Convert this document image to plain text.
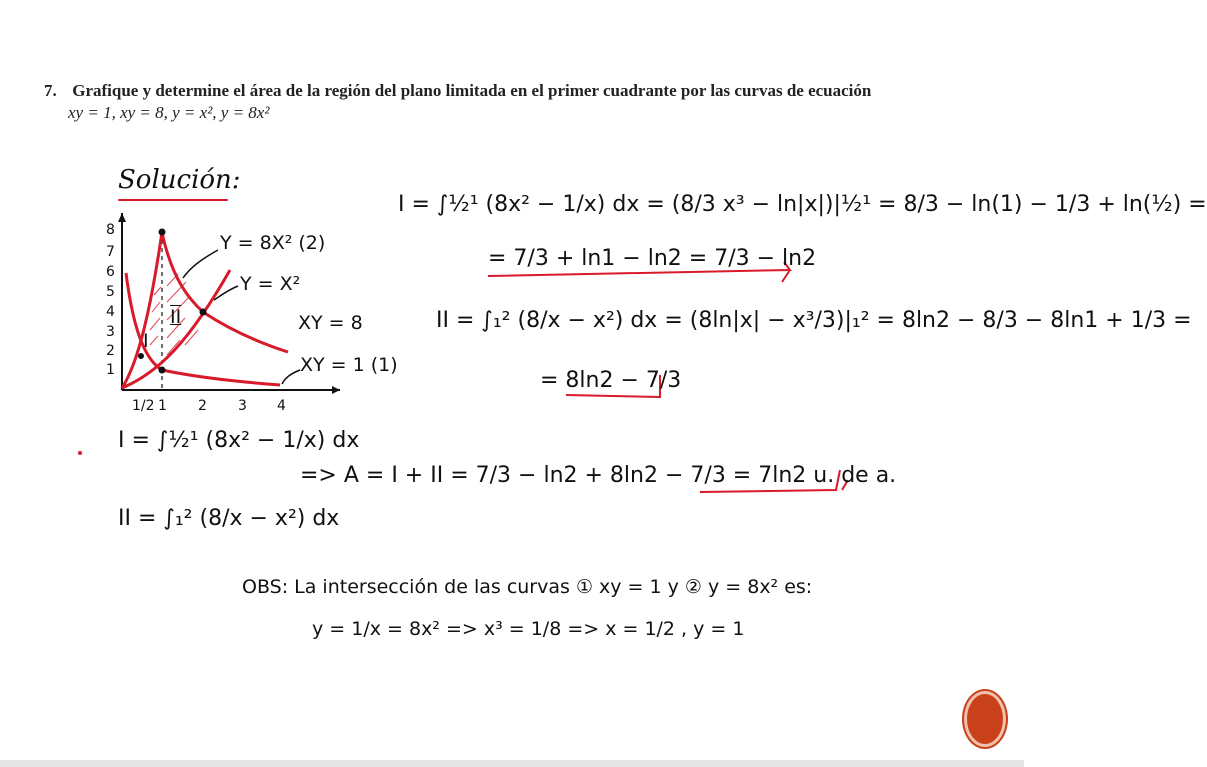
7. Grafique y determine el área de la región del plano limitada en el primer cuadrante por las curvas de ecuación
xy = 1, xy = 8, y = x², y = 8x²
Solución:
8
7
6
5
4
3
2
1
1/2 1 2 3 4
I
II
Y = 8X² (2)
Y = X²
XY = 8
XY = 1 (1)
I = ∫½¹ (8x² − 1/x) dx = (8/3 x³ − ln|x|)|½¹ = 8/3 − ln(1) − 1/3 + ln(½) =
= 7/3 + ln1 − ln2 = 7/3 − ln2
II = ∫₁² (8/x − x²) dx = (8ln|x| − x³/3)|₁² = 8ln2 − 8/3 − 8ln1 + 1/3 =
= 8ln2 − 7/3
I = ∫½¹ (8x² − 1/x) dx
II = ∫₁² (8/x − x²) dx
=> A = I + II = 7/3 − ln2 + 8ln2 − 7/3 = 7ln2 u. de a.
OBS: La intersección de las curvas ① xy = 1 y ② y = 8x² es:
y = 1/x = 8x² => x³ = 1/8 => x = 1/2 , y = 1
